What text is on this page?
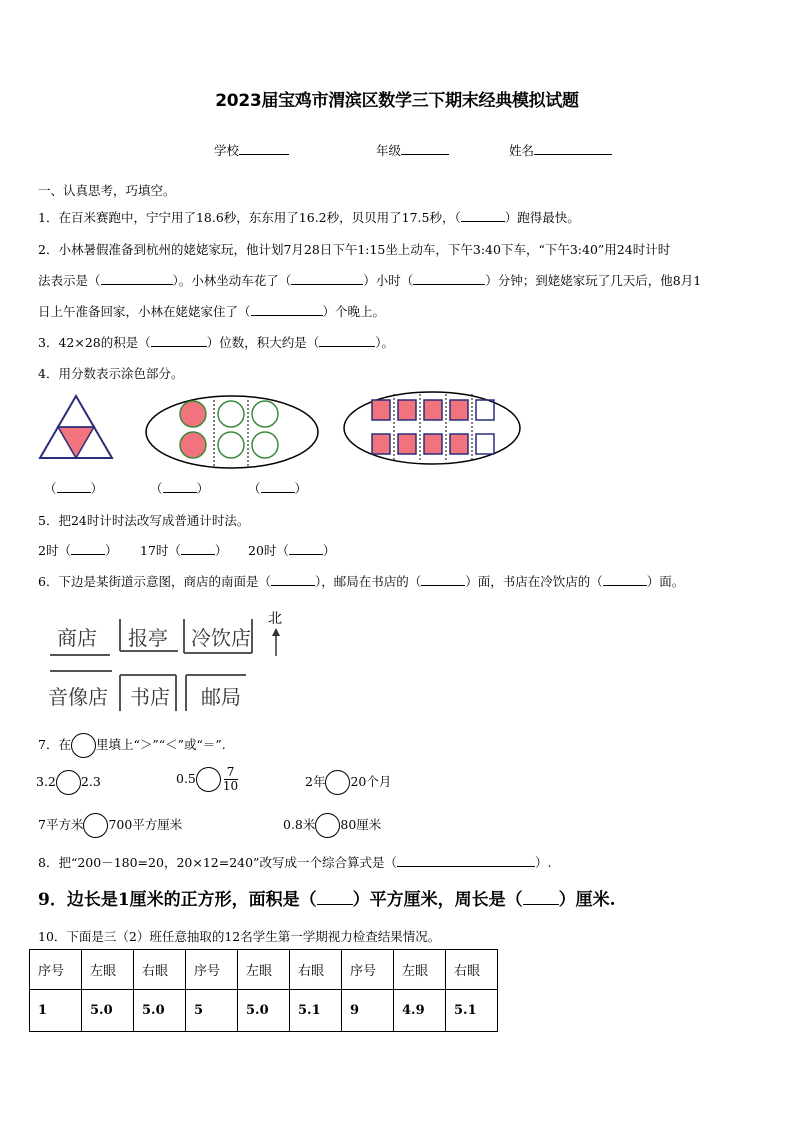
2023届宝鸡市渭滨区数学三下期末经典模拟试题
学校	年级	姓名
一、认真思考，巧填空。
1．在百米赛跑中，宁宁用了18.6秒，东东用了16.2秒，贝贝用了17.5秒，（	）跑得最快。
2．小林暑假准备到杭州的姥姥家玩，他计划7月28日下午1:15坐上动车，下午3:40下车，“下午3:40”用24时计时
法表示是（	）。小林坐动车花了（	）小时（	）分钟；到姥姥家玩了几天后，他8月1
日上午准备回家，小林在姥姥家住了（	）个晚上。
3．42×28的积是（	）位数，积大约是（	）。
4．用分数表示涂色部分。
（	）	（	）	（	）
5．把24时计时法改写成普通计时法。
2时（	） 17时（	） 20时（	）
6．下边是某街道示意图，商店的南面是（	），邮局在书店的（	）面，书店在冷饮店的（	）面。
商店 报亭 冷饮店
音像店 书店 邮局
北
7．在 里填上“＞”“＜”或“＝”.
3.2 2.3	$0.5 \frac{7}{10}$	2年 20个月
7平方米 700平方厘米	0.8米 80厘米
8．把“200－180=20，20×12=240”改写成一个综合算式是（	）.
9．边长是1厘米的正方形，面积是（ ）平方厘米，周长是（ ）厘米.
10．下面是三（2）班任意抽取的12名学生第一学期视力检查结果情况。
序号	左眼	右眼	序号	左眼	右眼	序号	左眼	右眼
1	5.0	5.0	5	5.0	5.1	9	4.9	5.1
